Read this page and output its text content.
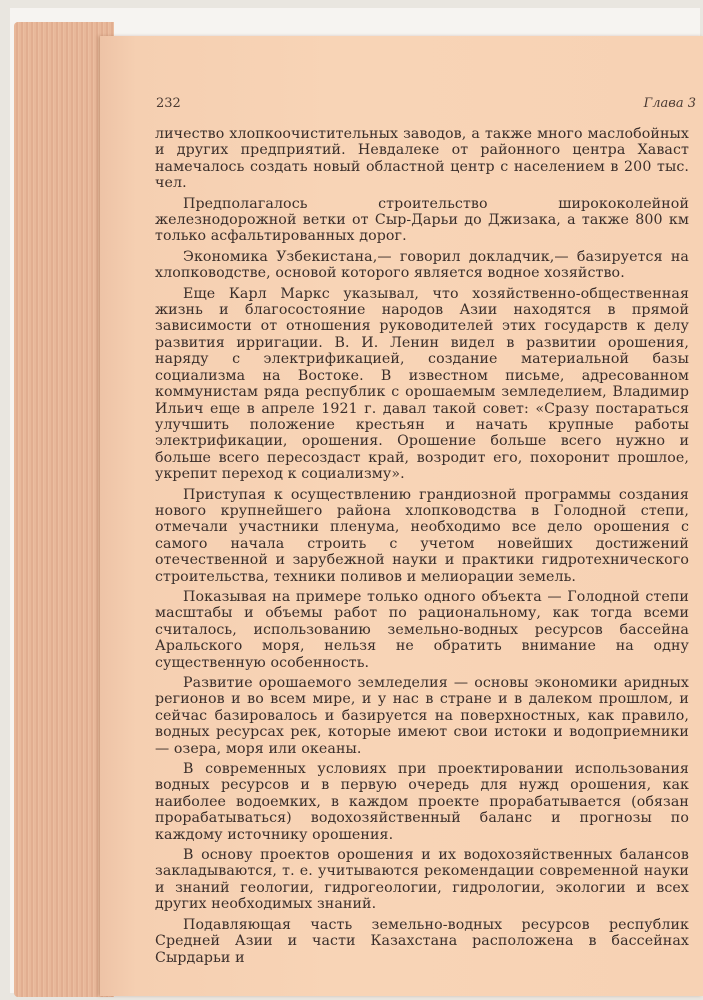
232	Глава 3

личество хлопкоочистительных заводов, а также много маслобойных и других предприятий. Невдалеке от районного центра Хаваст намечалось создать новый областной центр с населением в 200 тыс. чел.

Предполагалось строительство ширококолейной железнодорожной ветки от Сыр-Дарьи до Джизака, а также 800 км только асфальтированных дорог.

Экономика Узбекистана,— говорил докладчик,— базируется на хлопководстве, основой которого является водное хозяйство.

Еще Карл Маркс указывал, что хозяйственно-общественная жизнь и благосостояние народов Азии находятся в прямой зависимости от отношения руководителей этих государств к делу развития ирригации. В. И. Ленин видел в развитии орошения, наряду с электрификацией, создание материальной базы социализма на Востоке. В известном письме, адресованном коммунистам ряда республик с орошаемым земледелием, Владимир Ильич еще в апреле 1921 г. давал такой совет: «Сразу постараться улучшить положение крестьян и начать крупные работы электрификации, орошения. Орошение больше всего нужно и больше всего пересоздаст край, возродит его, похоронит прошлое, укрепит переход к социализму».

Приступая к осуществлению грандиозной программы создания нового крупнейшего района хлопководства в Голодной степи, отмечали участники пленума, необходимо все дело орошения с самого начала строить с учетом новейших достижений отечественной и зарубежной науки и практики гидротехнического строительства, техники поливов и мелиорации земель.

Показывая на примере только одного объекта — Голодной степи масштабы и объемы работ по рациональному, как тогда всеми считалось, использованию земельно-водных ресурсов бассейна Аральского моря, нельзя не обратить внимание на одну существенную особенность.

Развитие орошаемого земледелия — основы экономики аридных регионов и во всем мире, и у нас в стране и в далеком прошлом, и сейчас базировалось и базируется на поверхностных, как правило, водных ресурсах рек, которые имеют свои истоки и водоприемники — озера, моря или океаны.

В современных условиях при проектировании использования водных ресурсов и в первую очередь для нужд орошения, как наиболее водоемких, в каждом проекте прорабатывается (обязан прорабатываться) водохозяйственный баланс и прогнозы по каждому источнику орошения.

В основу проектов орошения и их водохозяйственных балансов закладываются, т. е. учитываются рекомендации современной науки и знаний геологии, гидрогеологии, гидрологии, экологии и всех других необходимых знаний.

Подавляющая часть земельно-водных ресурсов республик Средней Азии и части Казахстана расположена в бассейнах Сырдарьи и
